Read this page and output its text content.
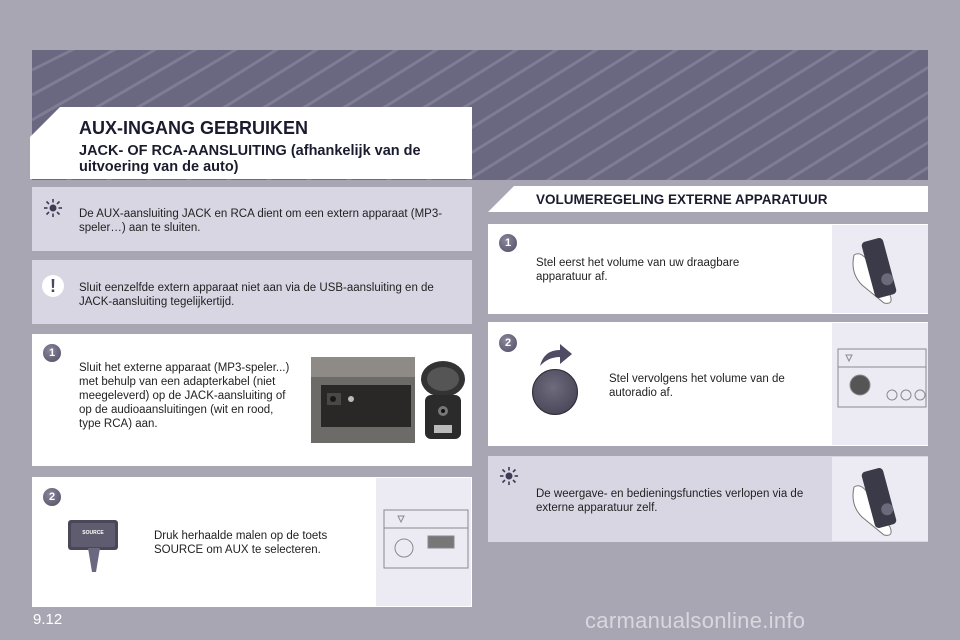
AUX-INGANG GEBRUIKEN
JACK- OF RCA-AANSLUITING (afhankelijk van de uitvoering van de auto)
De AUX-aansluiting JACK en RCA dient om een extern apparaat (MP3-speler…) aan te sluiten.
!	Sluit eenzelfde extern apparaat niet aan via de USB-aansluiting en de JACK-aansluiting tegelijkertijd.
1
Sluit het externe apparaat (MP3-speler...) met behulp van een adapterkabel (niet meegeleverd) op de JACK-aansluiting of op de audioaansluitingen (wit en rood, type RCA) aan.
2
SOURCE	Druk herhaalde malen op de toets SOURCE om AUX te selecteren.
VOLUMEREGELING EXTERNE APPARATUUR
1
Stel eerst het volume van uw draagbare apparatuur af.
2
Stel vervolgens het volume van de autoradio af.
De weergave- en bedieningsfuncties verlopen via de externe apparatuur zelf.
9.12	carmanualsonline.info
